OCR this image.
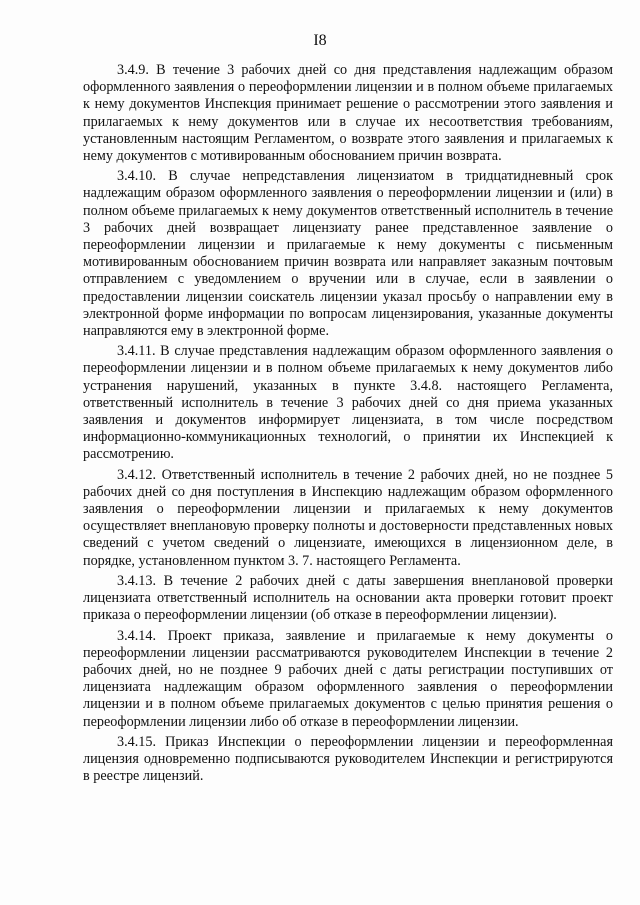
I8

3.4.9. В течение 3 рабочих дней со дня представления надлежащим образом оформленного заявления о переоформлении лицензии и в полном объеме прилагаемых к нему документов Инспекция принимает решение о рассмотрении этого заявления и прилагаемых к нему документов или в случае их несоответствия требованиям, установленным настоящим Регламентом, о возврате этого заявления и прилагаемых к нему документов с мотивированным обоснованием причин возврата.

3.4.10. В случае непредставления лицензиатом в тридцатидневный срок надлежащим образом оформленного заявления о переоформлении лицензии и (или) в полном объеме прилагаемых к нему документов ответственный исполнитель в течение 3 рабочих дней возвращает лицензиату ранее представленное заявление о переоформлении лицензии и прилагаемые к нему документы с письменным мотивированным обоснованием причин возврата или направляет заказным почтовым отправлением с уведомлением о вручении или в случае, если в заявлении о предоставлении лицензии соискатель лицензии указал просьбу о направлении ему в электронной форме информации по вопросам лицензирования, указанные документы направляются ему в электронной форме.

3.4.11. В случае представления надлежащим образом оформленного заявления о переоформлении лицензии и в полном объеме прилагаемых к нему документов либо устранения нарушений, указанных в пункте 3.4.8. настоящего Регламента, ответственный исполнитель в течение 3 рабочих дней со дня приема указанных заявления и документов информирует лицензиата, в том числе посредством информационно-коммуникационных технологий, о принятии их Инспекцией к рассмотрению.

3.4.12. Ответственный исполнитель в течение 2 рабочих дней, но не позднее 5 рабочих дней со дня поступления в Инспекцию надлежащим образом оформленного заявления о переоформлении лицензии и прилагаемых к нему документов осуществляет внеплановую проверку полноты и достоверности представленных новых сведений с учетом сведений о лицензиате, имеющихся в лицензионном деле, в порядке, установленном пунктом 3. 7. настоящего Регламента.

3.4.13. В течение 2 рабочих дней с даты завершения внеплановой проверки лицензиата ответственный исполнитель на основании акта проверки готовит проект приказа о переоформлении лицензии (об отказе в переоформлении лицензии).

3.4.14. Проект приказа, заявление и прилагаемые к нему документы о переоформлении лицензии рассматриваются руководителем Инспекции в течение 2 рабочих дней, но не позднее 9 рабочих дней с даты регистрации поступивших от лицензиата надлежащим образом оформленного заявления о переоформлении лицензии и в полном объеме прилагаемых документов с целью принятия решения о переоформлении лицензии либо об отказе в переоформлении лицензии.

3.4.15. Приказ Инспекции о переоформлении лицензии и переоформленная лицензия одновременно подписываются руководителем Инспекции и регистрируются в реестре лицензий.
